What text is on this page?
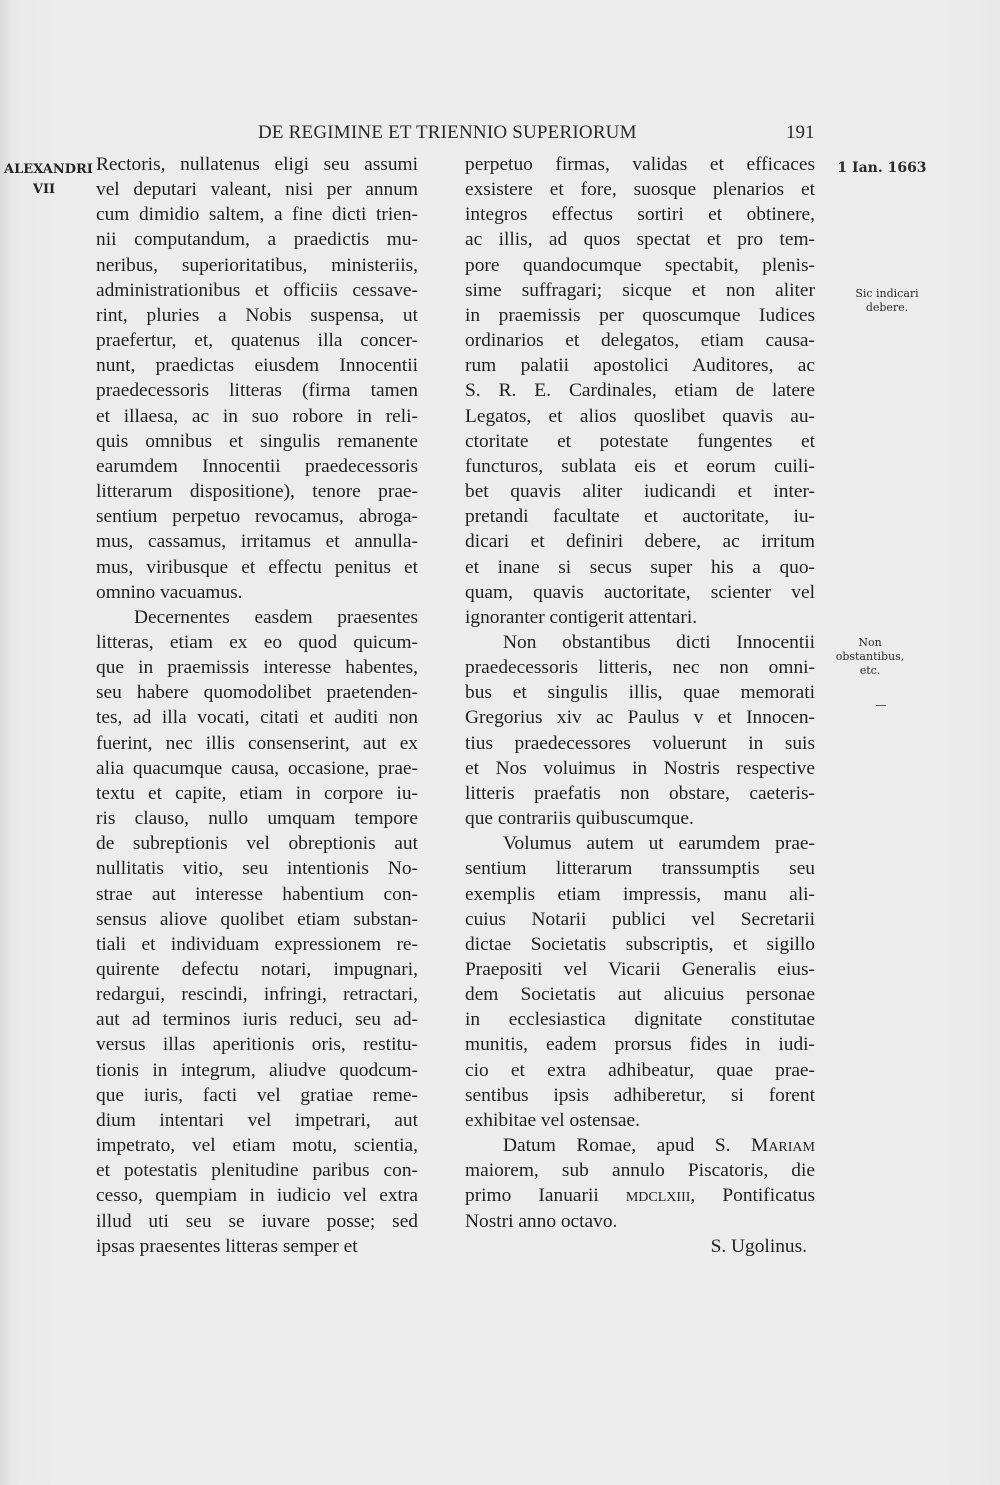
DE REGIMINE ET TRIENNIO SUPERIORUM	191
ALEXANDRI
VII
1 Ian. 1663
Sic indicari
debere.
Non
obstantibus,
etc.
Rectoris, nullatenus eligi seu assumi
vel deputari valeant, nisi per annum
cum dimidio saltem, a fine dicti trien-
nii computandum, a praedictis mu-
neribus, superioritatibus, ministeriis,
administrationibus et officiis cessave-
rint, pluries a Nobis suspensa, ut
praefertur, et, quatenus illa concer-
nunt, praedictas eiusdem Innocentii
praedecessoris litteras (firma tamen
et illaesa, ac in suo robore in reli-
quis omnibus et singulis remanente
earumdem Innocentii praedecessoris
litterarum dispositione), tenore prae-
sentium perpetuo revocamus, abroga-
mus, cassamus, irritamus et annulla-
mus, viribusque et effectu penitus et
omnino vacuamus.
Decernentes easdem praesentes
litteras, etiam ex eo quod quicum-
que in praemissis interesse habentes,
seu habere quomodolibet praetenden-
tes, ad illa vocati, citati et auditi non
fuerint, nec illis consenserint, aut ex
alia quacumque causa, occasione, prae-
textu et capite, etiam in corpore iu-
ris clauso, nullo umquam tempore
de subreptionis vel obreptionis aut
nullitatis vitio, seu intentionis No-
strae aut interesse habentium con-
sensus aliove quolibet etiam substan-
tiali et individuam expressionem re-
quirente defectu notari, impugnari,
redargui, rescindi, infringi, retractari,
aut ad terminos iuris reduci, seu ad-
versus illas aperitionis oris, restitu-
tionis in integrum, aliudve quodcum-
que iuris, facti vel gratiae reme-
dium intentari vel impetrari, aut
impetrato, vel etiam motu, scientia,
et potestatis plenitudine paribus con-
cesso, quempiam in iudicio vel extra
illud uti seu se iuvare posse; sed
ipsas praesentes litteras semper et
perpetuo firmas, validas et efficaces
exsistere et fore, suosque plenarios et
integros effectus sortiri et obtinere,
ac illis, ad quos spectat et pro tem-
pore quandocumque spectabit, plenis-
sime suffragari; sicque et non aliter
in praemissis per quoscumque Iudices
ordinarios et delegatos, etiam causa-
rum palatii apostolici Auditores, ac
S. R. E. Cardinales, etiam de latere
Legatos, et alios quoslibet quavis au-
ctoritate et potestate fungentes et
functuros, sublata eis et eorum cuili-
bet quavis aliter iudicandi et inter-
pretandi facultate et auctoritate, iu-
dicari et definiri debere, ac irritum
et inane si secus super his a quo-
quam, quavis auctoritate, scienter vel
ignoranter contigerit attentari.
Non obstantibus dicti Innocentii
praedecessoris litteris, nec non omni-
bus et singulis illis, quae memorati
Gregorius xiv ac Paulus v et Innocen-
tius praedecessores voluerunt in suis
et Nos voluimus in Nostris respective
litteris praefatis non obstare, caeteris-
que contrariis quibuscumque.
Volumus autem ut earumdem prae-
sentium litterarum transsumptis seu
exemplis etiam impressis, manu ali-
cuius Notarii publici vel Secretarii
dictae Societatis subscriptis, et sigillo
Praepositi vel Vicarii Generalis eius-
dem Societatis aut alicuius personae
in ecclesiastica dignitate constitutae
munitis, eadem prorsus fides in iudi-
cio et extra adhibeatur, quae prae-
sentibus ipsis adhiberetur, si forent
exhibitae vel ostensae.
Datum Romae, apud S. Mariam
maiorem, sub annulo Piscatoris, die
primo Ianuarii mdclxiii, Pontificatus
Nostri anno octavo.
S. Ugolinus.
